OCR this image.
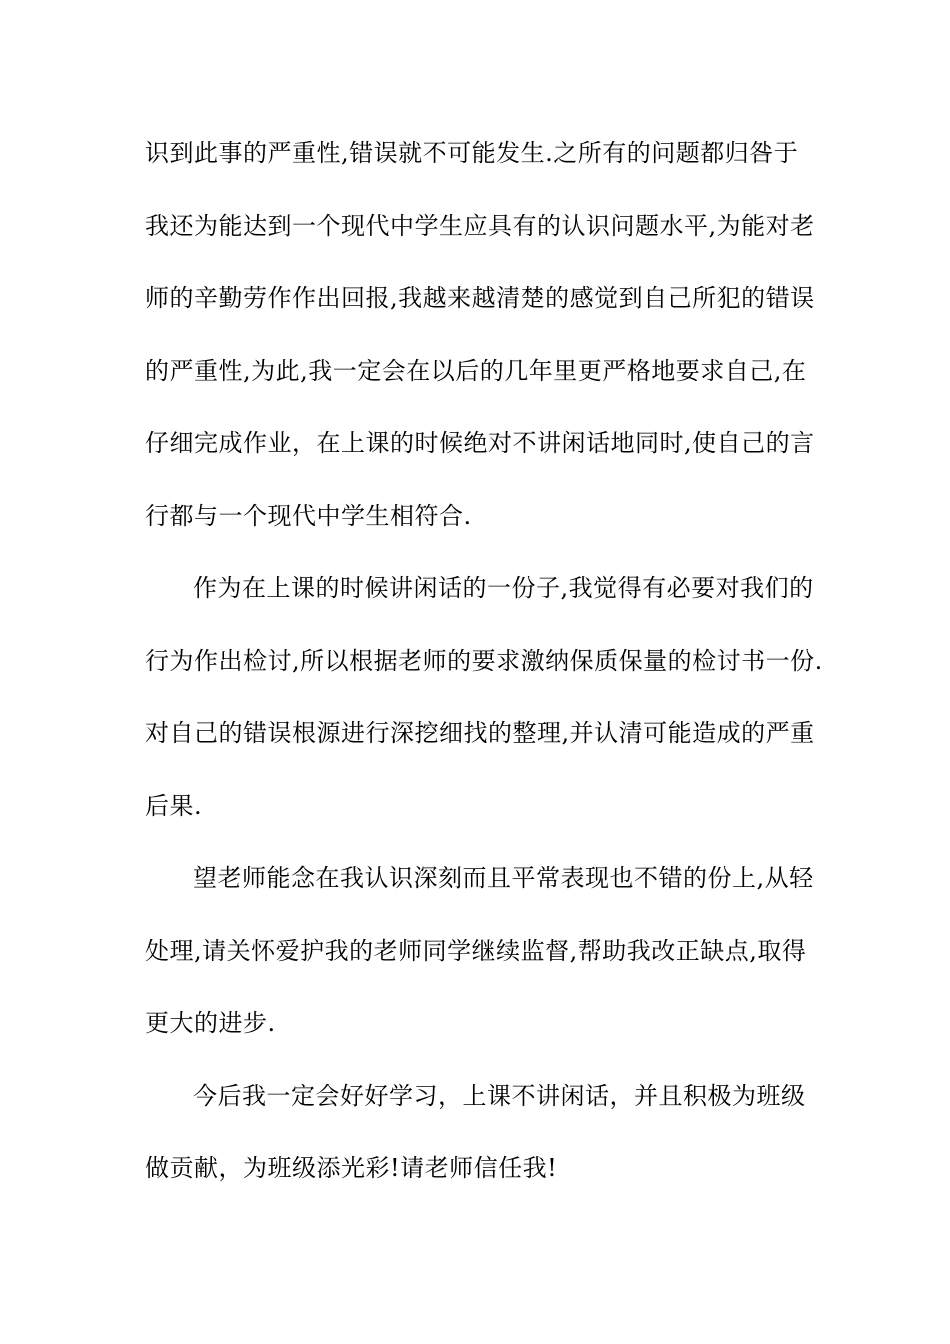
识到此事的严重性,错误就不可能发生.之所有的问题都归咎于
我还为能达到一个现代中学生应具有的认识问题水平,为能对老
师的辛勤劳作作出回报,我越来越清楚的感觉到自己所犯的错误
的严重性,为此,我一定会在以后的几年里更严格地要求自己,在
仔细完成作业，在上课的时候绝对不讲闲话地同时,使自己的言
行都与一个现代中学生相符合.
作为在上课的时候讲闲话的一份子,我觉得有必要对我们的
行为作出检讨,所以根据老师的要求激纳保质保量的检讨书一份.
对自己的错误根源进行深挖细找的整理,并认清可能造成的严重
后果.
望老师能念在我认识深刻而且平常表现也不错的份上,从轻
处理,请关怀爱护我的老师同学继续监督,帮助我改正缺点,取得
更大的进步.
今后我一定会好好学习，上课不讲闲话，并且积极为班级
做贡献，为班级添光彩!请老师信任我!
